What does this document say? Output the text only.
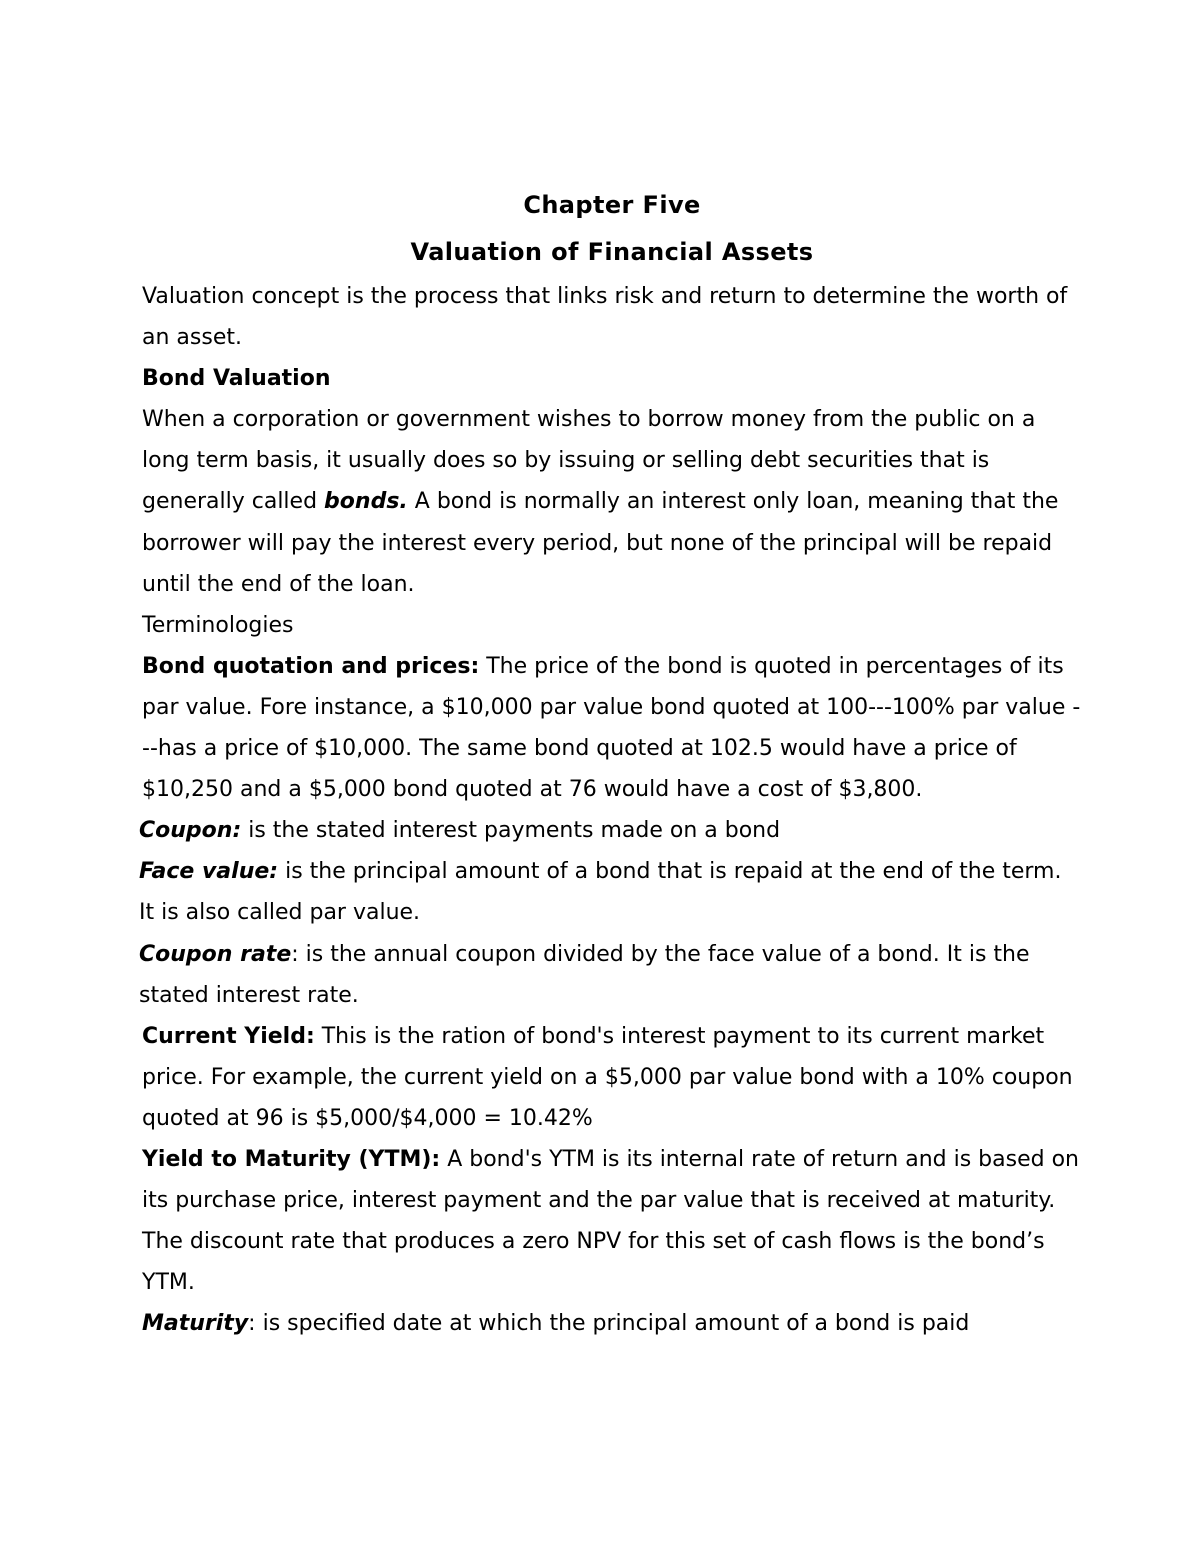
Chapter Five
Valuation of Financial Assets

Valuation concept is the process that links risk and return to determine the worth of an asset.

Bond Valuation

When a corporation or government wishes to borrow money from the public on a long term basis, it usually does so by issuing or selling debt securities that is generally called bonds. A bond is normally an interest only loan, meaning that the borrower will pay the interest every period, but none of the principal will be repaid until the end of the loan.

Terminologies

Bond quotation and prices: The price of the bond is quoted in percentages of its par value. Fore instance, a $10,000 par value bond quoted at 100---100% par value ---has a price of $10,000. The same bond quoted at 102.5 would have a price of $10,250 and a $5,000 bond quoted at 76 would have a cost of $3,800.

Coupon: is the stated interest payments made on a bond

Face value: is the principal amount of a bond that is repaid at the end of the term. It is also called par value.

Coupon rate: is the annual coupon divided by the face value of a bond. It is the stated interest rate.

Current Yield: This is the ration of bond's interest payment to its current market price. For example, the current yield on a $5,000 par value bond with a 10% coupon quoted at 96 is $5,000/$4,000 = 10.42%

Yield to Maturity (YTM): A bond's YTM is its internal rate of return and is based on its purchase price, interest payment and the par value that is received at maturity. The discount rate that produces a zero NPV for this set of cash flows is the bond’s YTM.

Maturity: is specified date at which the principal amount of a bond is paid
